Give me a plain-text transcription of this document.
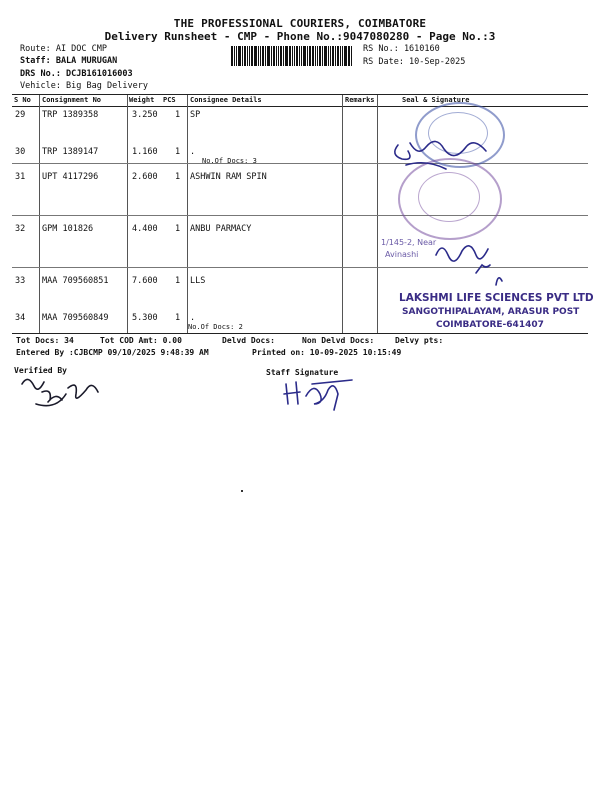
THE PROFESSIONAL COURIERS, COIMBATORE
Delivery Runsheet - CMP - Phone No.:9047080280 - Page No.:3
Route: AI DOC CMP
Staff: BALA MURUGAN
DRS No.: DCJB161016003
Vehicle: Big Bag Delivery
RS No.: 1610160
RS Date: 10-Sep-2025
S No Consignment No	Weight PCS Consignee Details	Remarks	Seal & Signature
29 TRP 1389358	3.250 1 SP
30 TRP 1389147	1.160 1 .
No.Of Docs: 3
31 UPT 4117296	2.600 1 ASHWIN RAM SPIN
32 GPM 101826	4.400 1 ANBU PARMACY
33 MAA 709560851	7.600 1 LLS
34 MAA 709560849	5.300 1 .
No.Of Docs: 2
1/145-2, Near
Avinashi
LAKSHMI LIFE SCIENCES PVT LTD
SANGOTHIPALAYAM, ARASUR POST
COIMBATORE-641407
Tot Docs: 34	Tot COD Amt: 0.00	Delvd Docs:	Non Delvd Docs:	Delvy pts:
Entered By :CJBCMP 09/10/2025 9:48:39 AM	Printed on: 10-09-2025 10:15:49
Verified By	Staff Signature
